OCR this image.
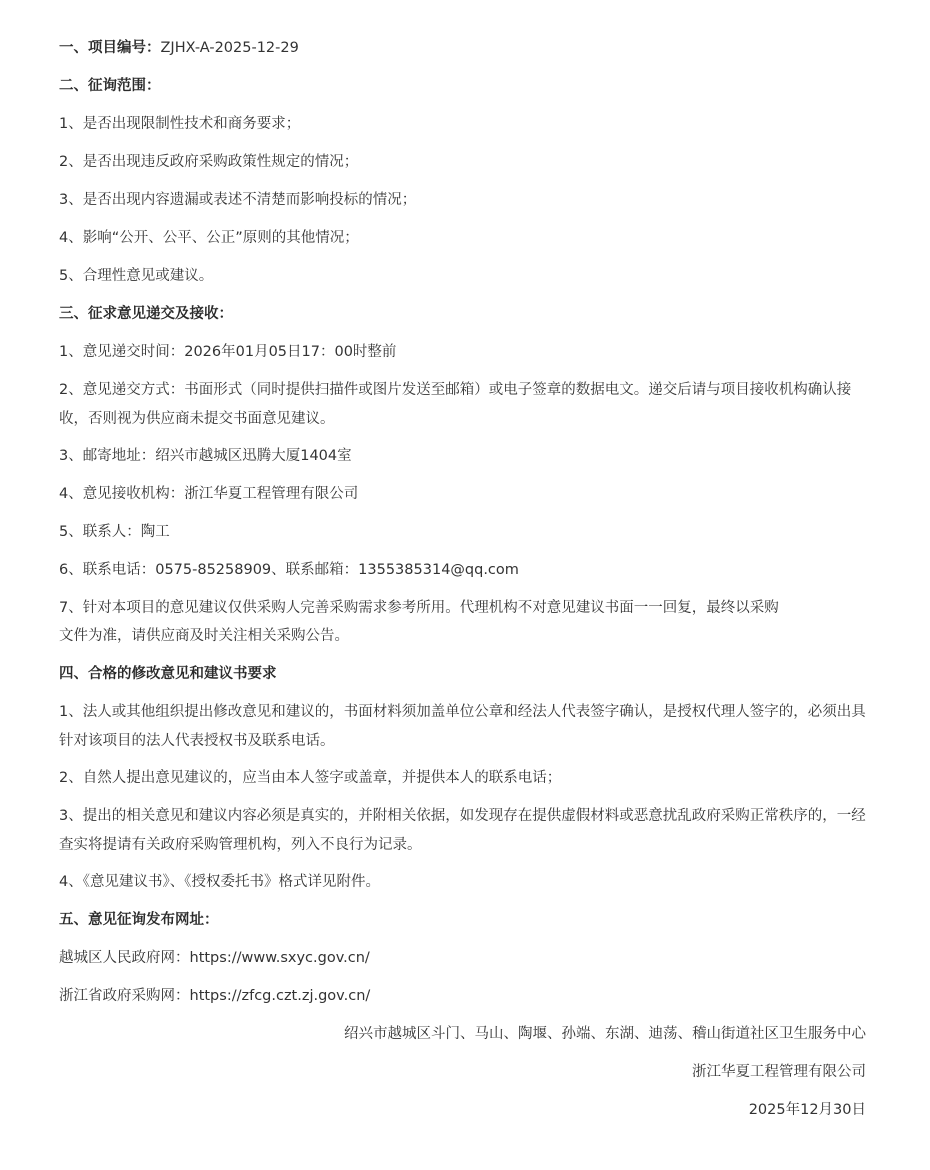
一、项目编号：ZJHX-A-2025-12-29
二、征询范围：
1、是否出现限制性技术和商务要求；
2、是否出现违反政府采购政策性规定的情况；
3、是否出现内容遗漏或表述不清楚而影响投标的情况；
4、影响“公开、公平、公正”原则的其他情况；
5、合理性意见或建议。
三、征求意见递交及接收：
1、意见递交时间：2026年01月05日17：00时整前
2、意见递交方式：书面形式（同时提供扫描件或图片发送至邮箱）或电子签章的数据电文。递交后请与项目接收机构确认接收，否则视为供应商未提交书面意见建议。
3、邮寄地址：绍兴市越城区迅腾大厦1404室
4、意见接收机构：浙江华夏工程管理有限公司
5、联系人：陶工
6、联系电话：0575-85258909、联系邮箱：1355385314@qq.com
7、针对本项目的意见建议仅供采购人完善采购需求参考所用。代理机构不对意见建议书面一一回复，最终以采购
文件为准，请供应商及时关注相关采购公告。
四、合格的修改意见和建议书要求
1、法人或其他组织提出修改意见和建议的，书面材料须加盖单位公章和经法人代表签字确认，是授权代理人签字的，必须出具针对该项目的法人代表授权书及联系电话。
2、自然人提出意见建议的，应当由本人签字或盖章，并提供本人的联系电话；
3、提出的相关意见和建议内容必须是真实的，并附相关依据，如发现存在提供虚假材料或恶意扰乱政府采购正常秩序的，一经查实将提请有关政府采购管理机构，列入不良行为记录。
4、《意见建议书》、《授权委托书》格式详见附件。
五、意见征询发布网址：
越城区人民政府网：https://www.sxyc.gov.cn/
浙江省政府采购网：https://zfcg.czt.zj.gov.cn/
绍兴市越城区斗门、马山、陶堰、孙端、东湖、迪荡、稽山街道社区卫生服务中心
浙江华夏工程管理有限公司
2025年12月30日
